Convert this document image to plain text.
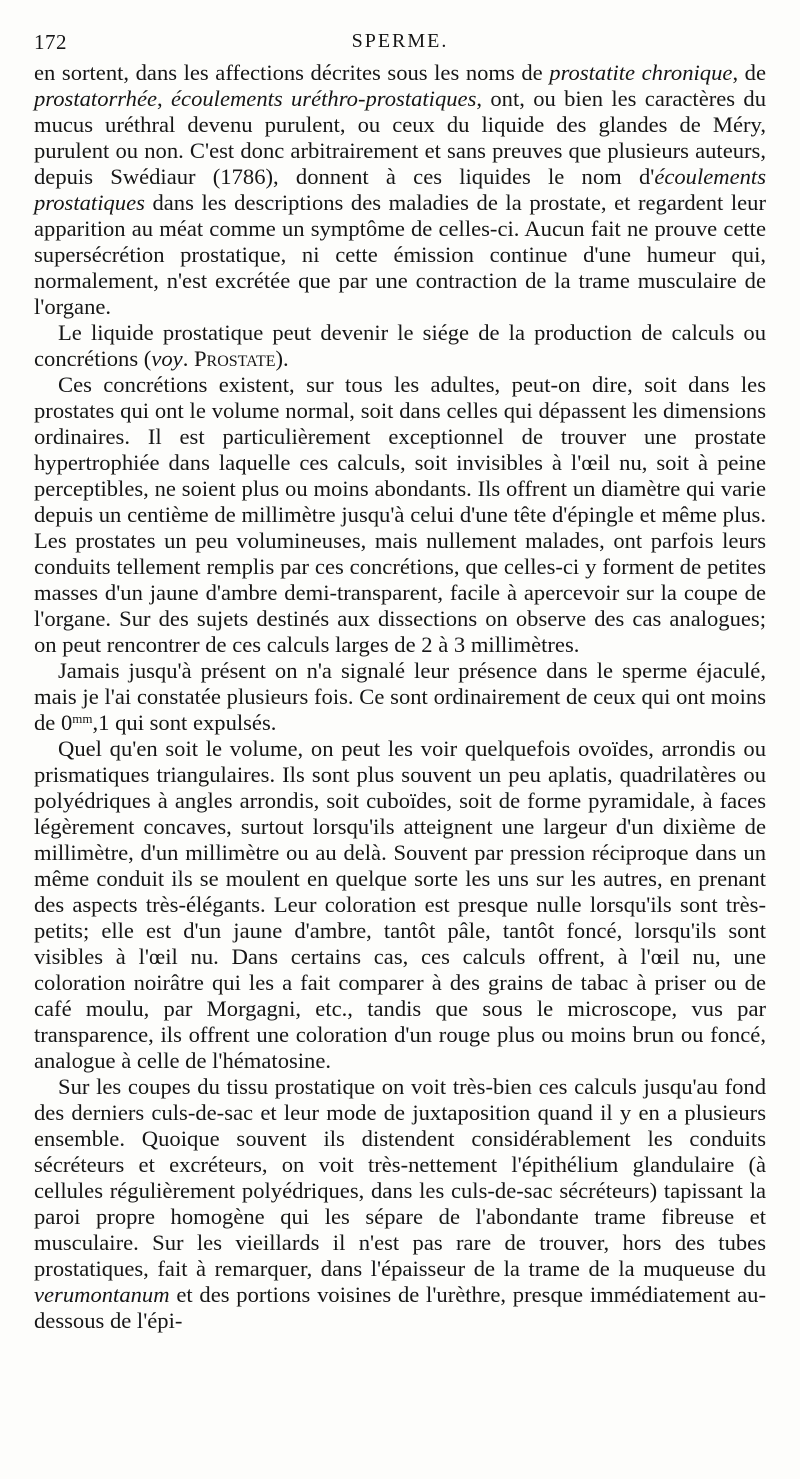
172	SPERME.

en sortent, dans les affections décrites sous les noms de prostatite chronique, de prostatorrhée, écoulements uréthro-prostatiques, ont, ou bien les caractères du mucus uréthral devenu purulent, ou ceux du liquide des glandes de Méry, purulent ou non. C'est donc arbitrairement et sans preuves que plusieurs auteurs, depuis Swédiaur (1786), donnent à ces liquides le nom d'écoulements prostatiques dans les descriptions des maladies de la prostate, et regardent leur apparition au méat comme un symptôme de celles-ci. Aucun fait ne prouve cette supersécrétion prostatique, ni cette émission continue d'une humeur qui, normalement, n'est excrétée que par une contraction de la trame musculaire de l'organe.

Le liquide prostatique peut devenir le siége de la production de calculs ou concrétions (voy. Prostate).

Ces concrétions existent, sur tous les adultes, peut-on dire, soit dans les prostates qui ont le volume normal, soit dans celles qui dépassent les dimensions ordinaires. Il est particulièrement exceptionnel de trouver une prostate hypertrophiée dans laquelle ces calculs, soit invisibles à l'œil nu, soit à peine perceptibles, ne soient plus ou moins abondants. Ils offrent un diamètre qui varie depuis un centième de millimètre jusqu'à celui d'une tête d'épingle et même plus. Les prostates un peu volumineuses, mais nullement malades, ont parfois leurs conduits tellement remplis par ces concrétions, que celles-ci y forment de petites masses d'un jaune d'ambre demi-transparent, facile à apercevoir sur la coupe de l'organe. Sur des sujets destinés aux dissections on observe des cas analogues; on peut rencontrer de ces calculs larges de 2 à 3 millimètres.

Jamais jusqu'à présent on n'a signalé leur présence dans le sperme éjaculé, mais je l'ai constatée plusieurs fois. Ce sont ordinairement de ceux qui ont moins de $0^{mm},1$ qui sont expulsés.

Quel qu'en soit le volume, on peut les voir quelquefois ovoïdes, arrondis ou prismatiques triangulaires. Ils sont plus souvent un peu aplatis, quadrilatères ou polyédriques à angles arrondis, soit cuboïdes, soit de forme pyramidale, à faces légèrement concaves, surtout lorsqu'ils atteignent une largeur d'un dixième de millimètre, d'un millimètre ou au delà. Souvent par pression réciproque dans un même conduit ils se moulent en quelque sorte les uns sur les autres, en prenant des aspects très-élégants. Leur coloration est presque nulle lorsqu'ils sont très-petits; elle est d'un jaune d'ambre, tantôt pâle, tantôt foncé, lorsqu'ils sont visibles à l'œil nu. Dans certains cas, ces calculs offrent, à l'œil nu, une coloration noirâtre qui les a fait comparer à des grains de tabac à priser ou de café moulu, par Morgagni, etc., tandis que sous le microscope, vus par transparence, ils offrent une coloration d'un rouge plus ou moins brun ou foncé, analogue à celle de l'hématosine.

Sur les coupes du tissu prostatique on voit très-bien ces calculs jusqu'au fond des derniers culs-de-sac et leur mode de juxtaposition quand il y en a plusieurs ensemble. Quoique souvent ils distendent considérablement les conduits sécréteurs et excréteurs, on voit très-nettement l'épithélium glandulaire (à cellules régulièrement polyédriques, dans les culs-de-sac sécréteurs) tapissant la paroi propre homogène qui les sépare de l'abondante trame fibreuse et musculaire. Sur les vieillards il n'est pas rare de trouver, hors des tubes prostatiques, fait à remarquer, dans l'épaisseur de la trame de la muqueuse du verumontanum et des portions voisines de l'urèthre, presque immédiatement au-dessous de l'épi-
